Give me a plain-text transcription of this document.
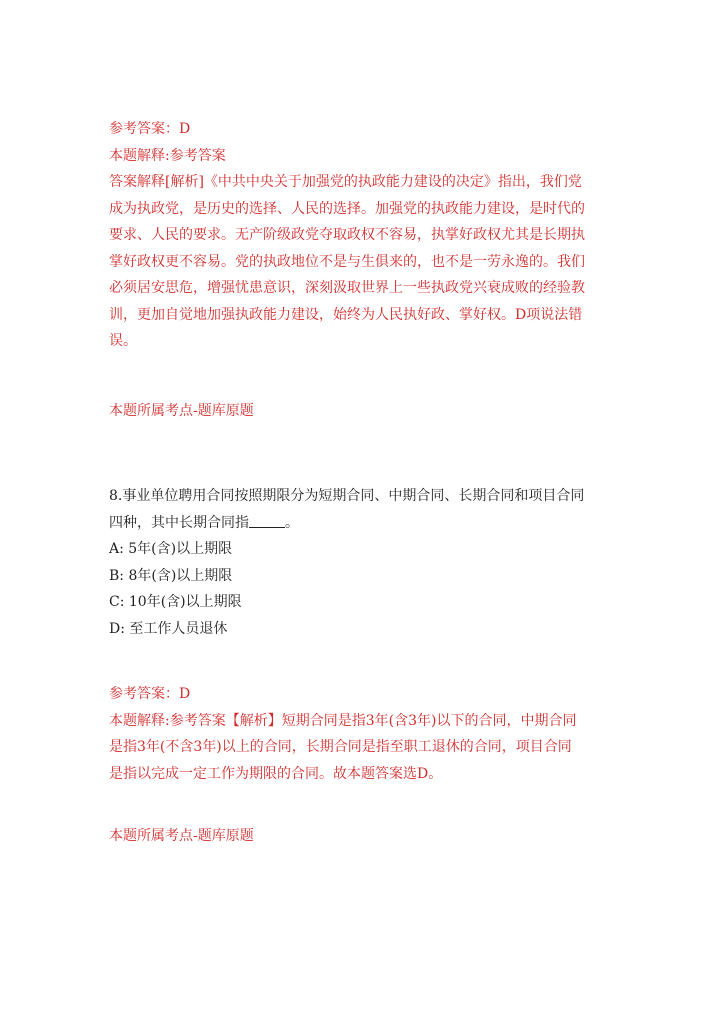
参考答案：D
本题解释:参考答案
答案解释[解析]《中共中央关于加强党的执政能力建设的决定》指出，我们党
成为执政党，是历史的选择、人民的选择。加强党的执政能力建设，是时代的
要求、人民的要求。无产阶级政党夺取政权不容易，执掌好政权尤其是长期执
掌好政权更不容易。党的执政地位不是与生俱来的，也不是一劳永逸的。我们
必须居安思危，增强忧患意识，深刻汲取世界上一些执政党兴衰成败的经验教
训，更加自觉地加强执政能力建设，始终为人民执好政、掌好权。D项说法错
误。
本题所属考点-题库原题
8.事业单位聘用合同按照期限分为短期合同、中期合同、长期合同和项目合同
四种，其中长期合同指	。
A: 5年(含)以上期限
B: 8年(含)以上期限
C: 10年(含)以上期限
D: 至工作人员退休
参考答案：D
本题解释:参考答案【解析】短期合同是指3年(含3年)以下的合同，中期合同
是指3年(不含3年)以上的合同，长期合同是指至职工退休的合同，项目合同
是指以完成一定工作为期限的合同。故本题答案选D。
本题所属考点-题库原题
